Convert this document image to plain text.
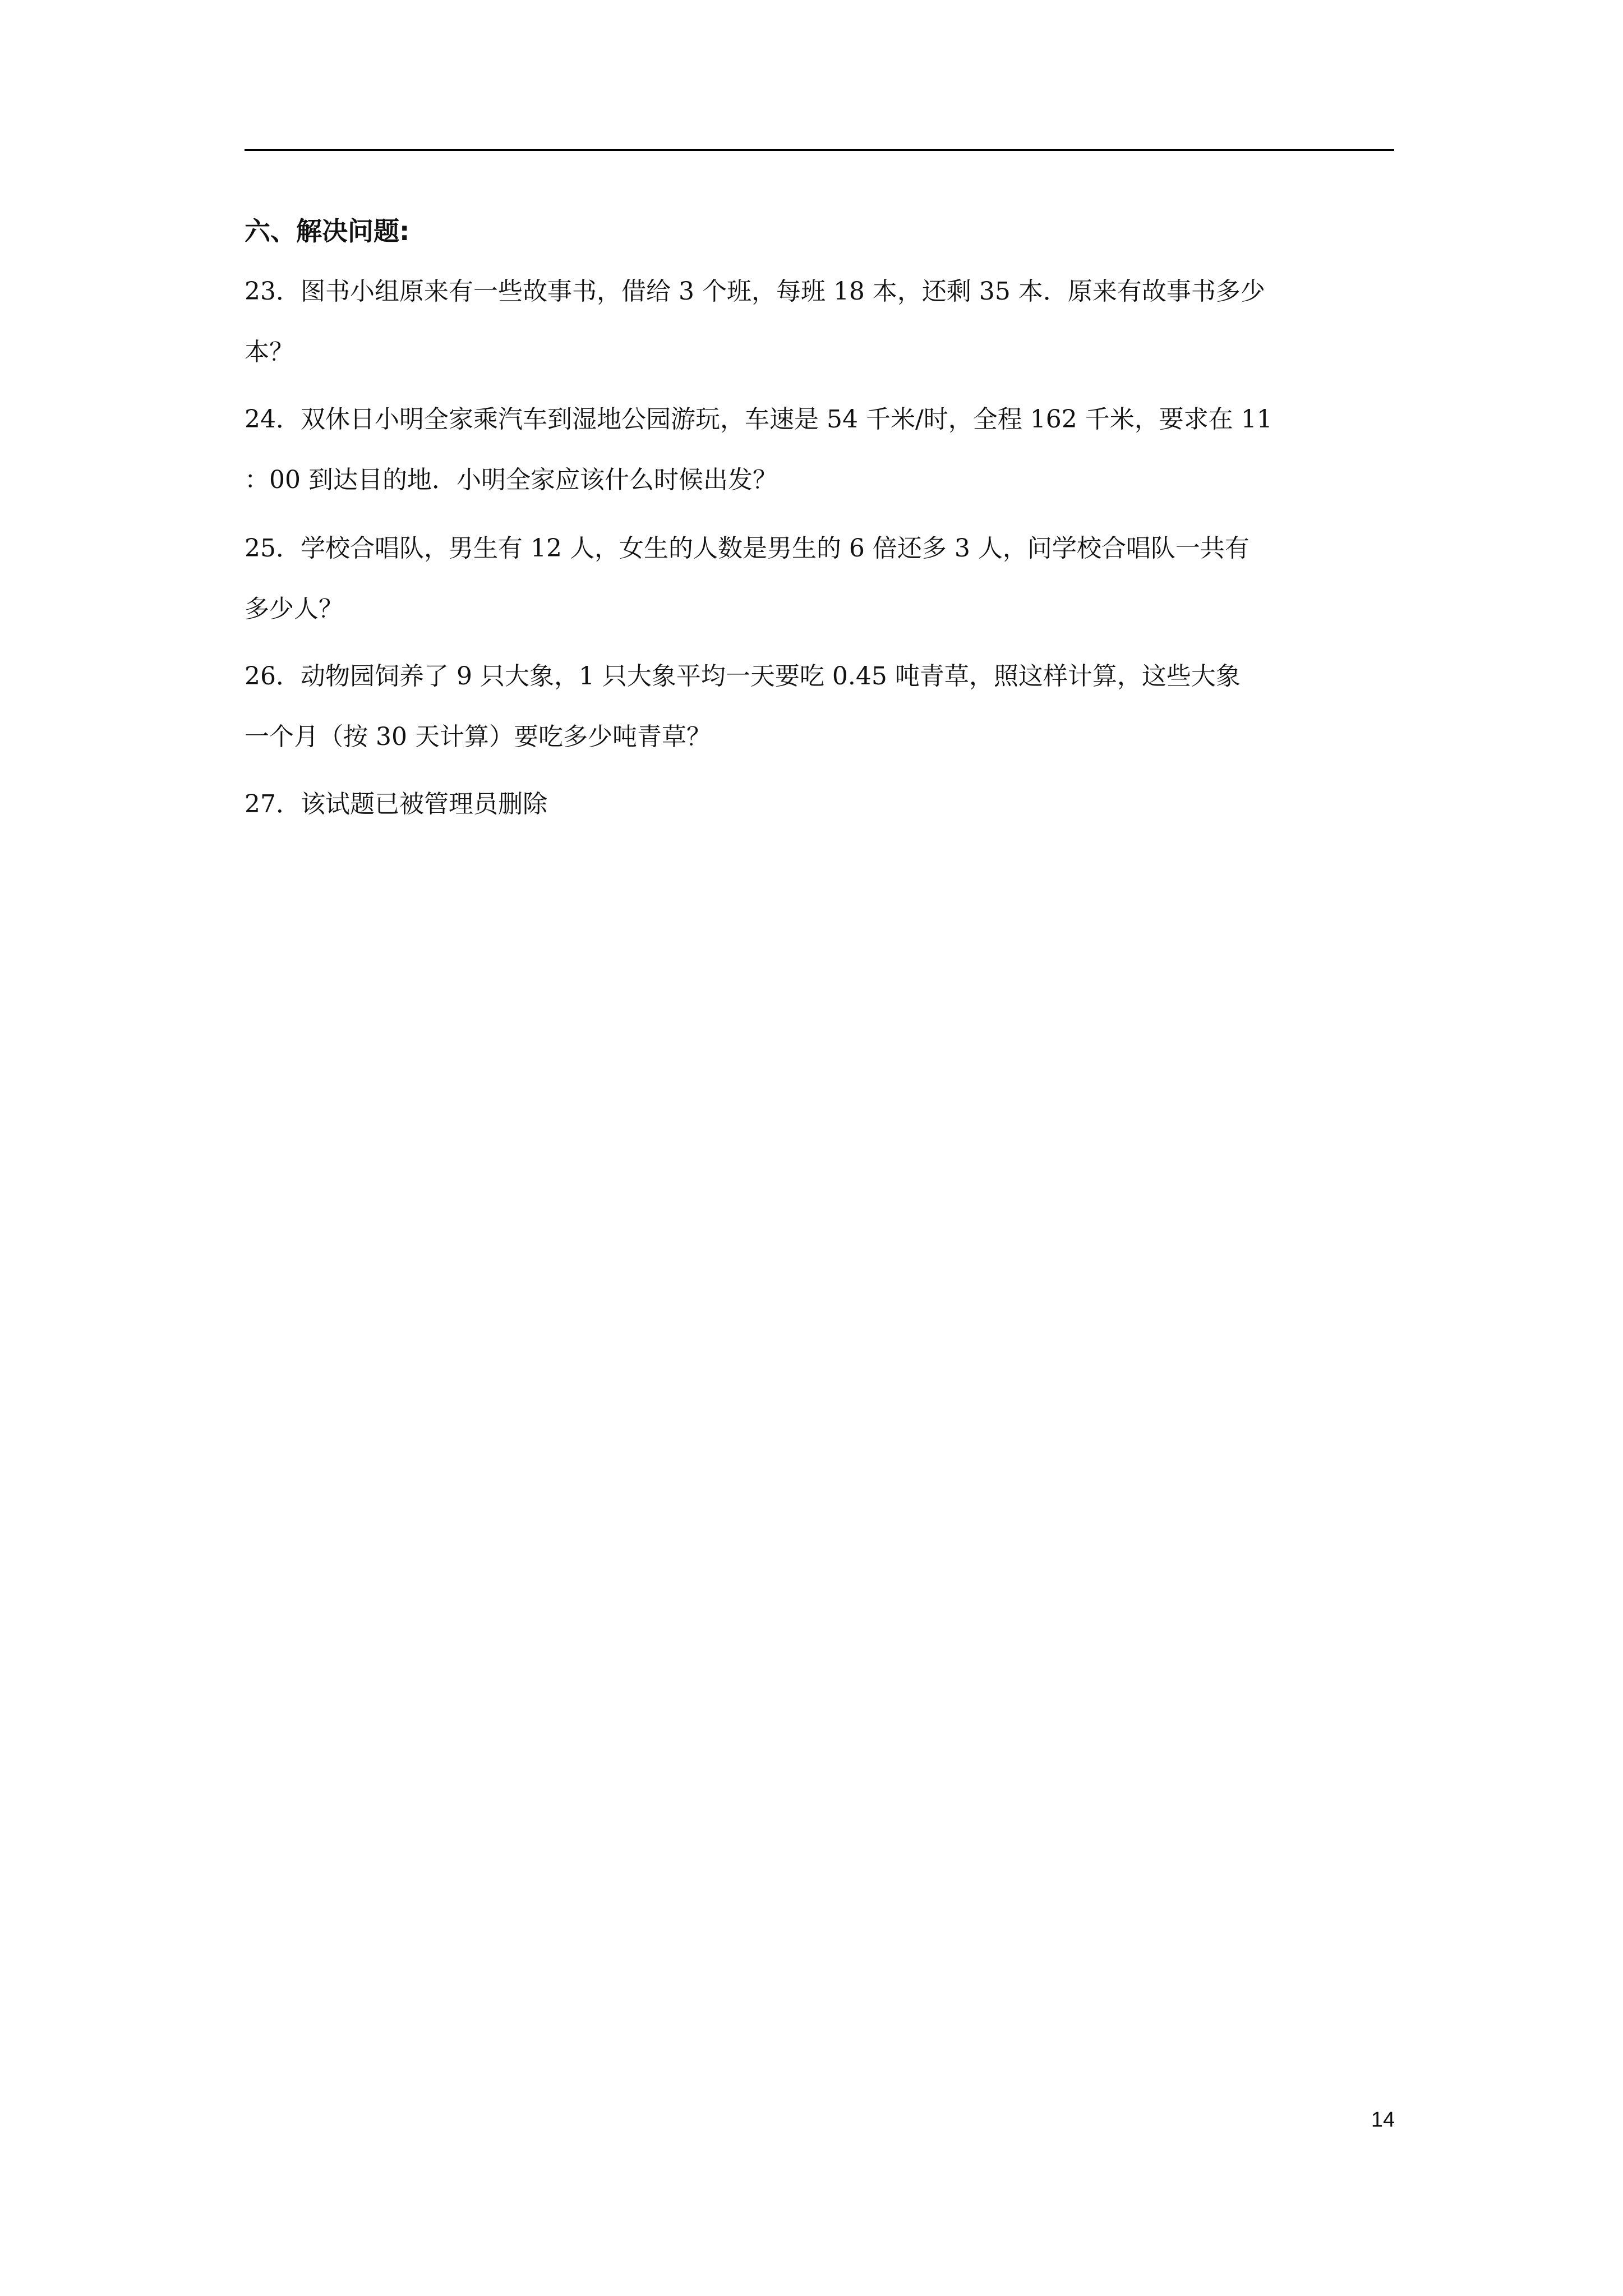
六、解决问题:
23．图书小组原来有一些故事书，借给 3 个班，每班 18 本，还剩 35 本．原来有故事书多少
本？
24．双休日小明全家乘汽车到湿地公园游玩，车速是 54 千米/时，全程 162 千米，要求在 11
：00 到达目的地．小明全家应该什么时候出发？
25．学校合唱队，男生有 12 人，女生的人数是男生的 6 倍还多 3 人，问学校合唱队一共有
多少人？
26．动物园饲养了 9 只大象，1 只大象平均一天要吃 0.45 吨青草，照这样计算，这些大象
一个月（按 30 天计算）要吃多少吨青草？
27．该试题已被管理员删除
14
